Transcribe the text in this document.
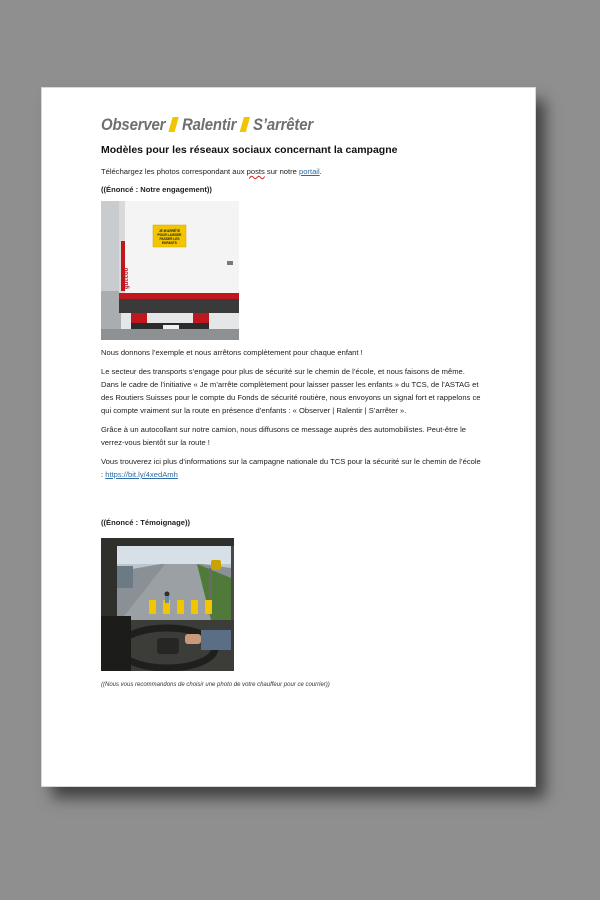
Observer Ralentir S’arrêter
Modèles pour les réseaux sociaux concernant la campagne

Téléchargez les photos correspondant aux posts sur notre portail.

((Énoncé : Notre engagement))

JE M'ARRÊTE
POUR LAISSER
PASSER LES
ENFANTS
guccoo

Nous donnons l’exemple et nous arrêtons complètement pour chaque enfant !

Le secteur des transports s’engage pour plus de sécurité sur le chemin de l’école, et nous faisons de même. Dans le cadre de l’initiative « Je m’arrête complètement pour laisser passer les enfants » du TCS, de l’ASTAG et des Routiers Suisses pour le compte du Fonds de sécurité routière, nous envoyons un signal fort et rappelons ce qui compte vraiment sur la route en présence d’enfants : « Observer | Ralentir | S’arrêter ».

Grâce à un autocollant sur notre camion, nous diffusons ce message auprès des automobilistes. Peut-être le verrez-vous bientôt sur la route !

Vous trouverez ici plus d’informations sur la campagne nationale du TCS pour la sécurité sur le chemin de l’école : https://bit.ly/4xedAmh

((Énoncé : Témoignage))

((Nous vous recommandons de choisir une photo de votre chauffeur pour ce courrier))
